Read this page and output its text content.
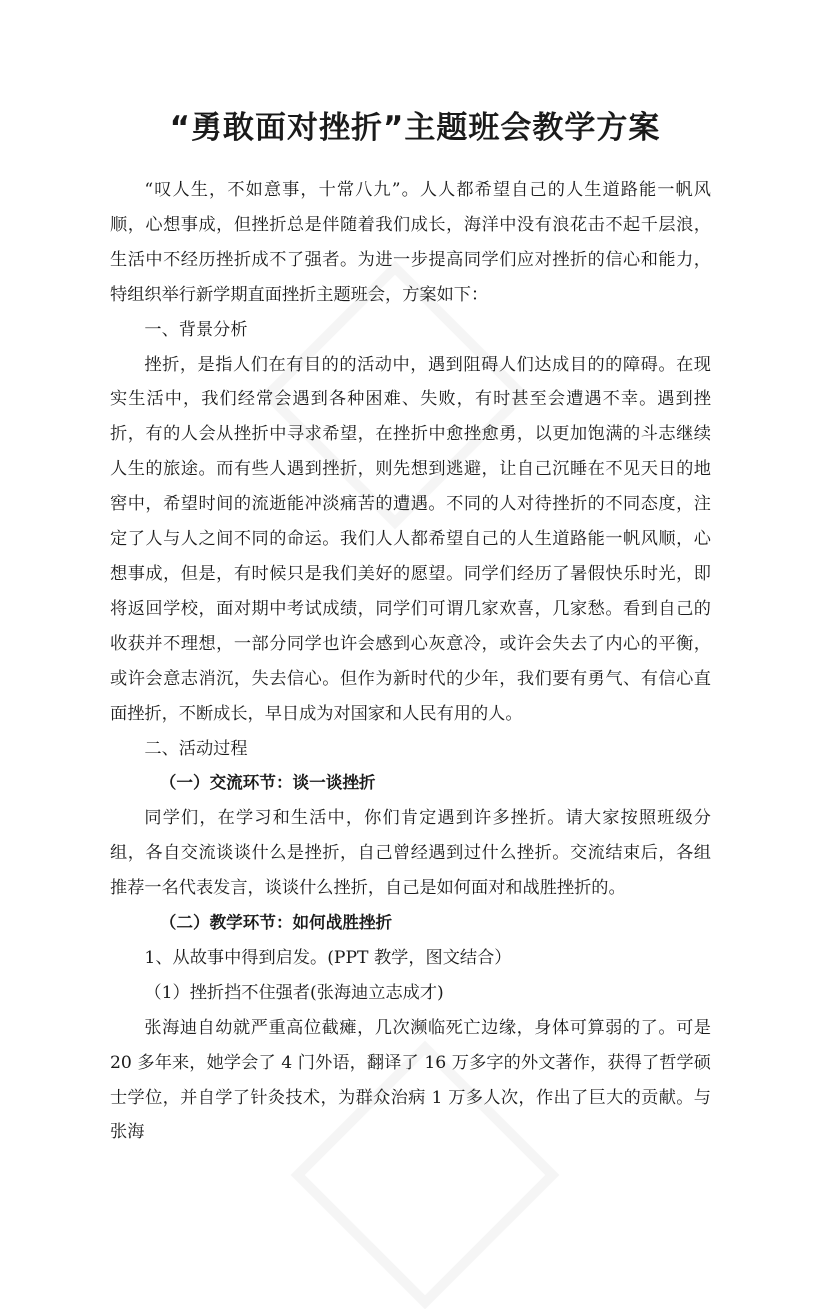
“勇敢面对挫折”主题班会教学方案

“叹人生，不如意事，十常八九”。人人都希望自己的人生道路能一帆风顺，心想事成，但挫折总是伴随着我们成长，海洋中没有浪花击不起千层浪，生活中不经历挫折成不了强者。为进一步提高同学们应对挫折的信心和能力，特组织举行新学期直面挫折主题班会，方案如下：

一、背景分析

挫折，是指人们在有目的的活动中，遇到阻碍人们达成目的的障碍。在现实生活中，我们经常会遇到各种困难、失败，有时甚至会遭遇不幸。遇到挫折，有的人会从挫折中寻求希望，在挫折中愈挫愈勇，以更加饱满的斗志继续人生的旅途。而有些人遇到挫折，则先想到逃避，让自己沉睡在不见天日的地窖中，希望时间的流逝能冲淡痛苦的遭遇。不同的人对待挫折的不同态度，注定了人与人之间不同的命运。我们人人都希望自己的人生道路能一帆风顺，心想事成，但是，有时候只是我们美好的愿望。同学们经历了暑假快乐时光，即将返回学校，面对期中考试成绩，同学们可谓几家欢喜，几家愁。看到自己的收获并不理想，一部分同学也许会感到心灰意冷，或许会失去了内心的平衡，或许会意志消沉，失去信心。但作为新时代的少年，我们要有勇气、有信心直面挫折，不断成长，早日成为对国家和人民有用的人。

二、活动过程

（一）交流环节：谈一谈挫折

同学们，在学习和生活中，你们肯定遇到许多挫折。请大家按照班级分组，各自交流谈谈什么是挫折，自己曾经遇到过什么挫折。交流结束后，各组推荐一名代表发言，谈谈什么挫折，自己是如何面对和战胜挫折的。

（二）教学环节：如何战胜挫折

1、从故事中得到启发。(PPT 教学，图文结合）

（1）挫折挡不住强者(张海迪立志成才)

张海迪自幼就严重高位截瘫，几次濒临死亡边缘，身体可算弱的了。可是 20 多年来，她学会了 4 门外语，翻译了 16 万多字的外文著作，获得了哲学硕士学位，并自学了针灸技术，为群众治病 1 万多人次，作出了巨大的贡献。与张海
